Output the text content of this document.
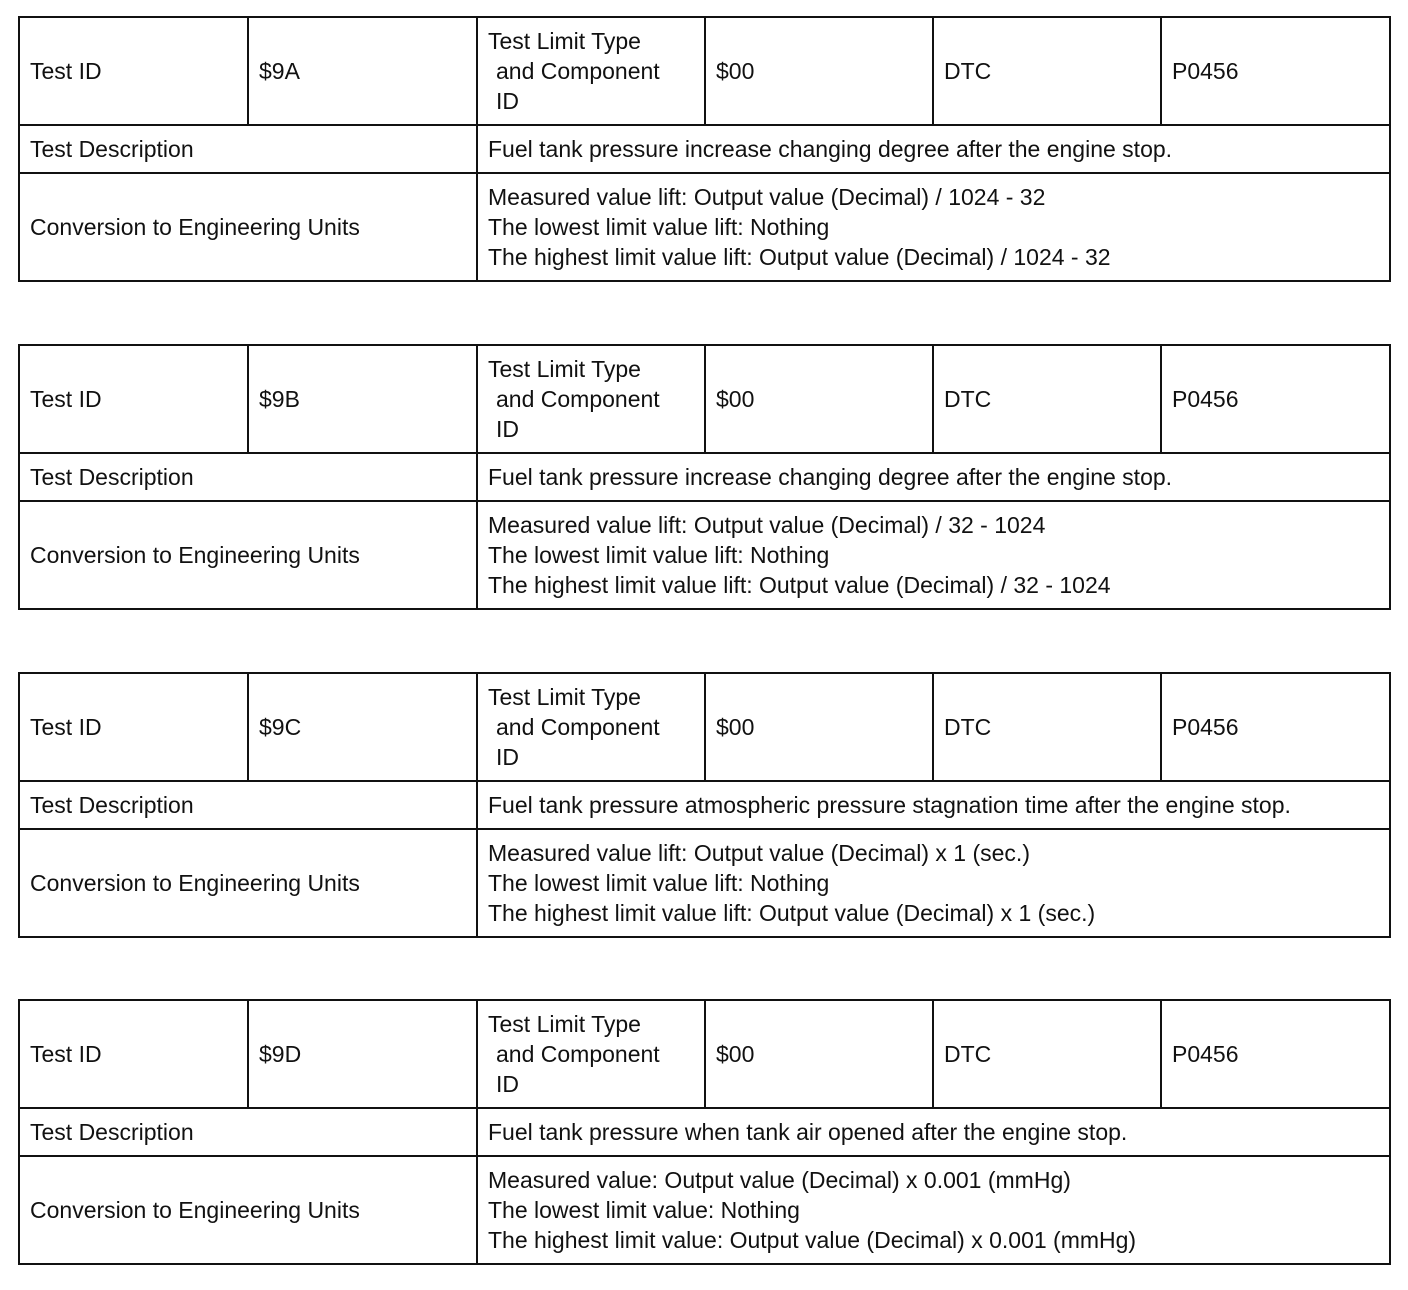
Test ID	$9A	Test Limit Type
and Component
ID	$00	DTC	P0456
Test Description		Fuel tank pressure increase changing degree after the engine stop.			
Conversion to Engineering Units		Measured value lift: Output value (Decimal) / 1024 - 32
The lowest limit value lift: Nothing
The highest limit value lift: Output value (Decimal) / 1024 - 32			
Test ID	$9B	Test Limit Type
and Component
ID	$00	DTC	P0456
Test Description		Fuel tank pressure increase changing degree after the engine stop.			
Conversion to Engineering Units		Measured value lift: Output value (Decimal) / 32 - 1024
The lowest limit value lift: Nothing
The highest limit value lift: Output value (Decimal) / 32 - 1024			
Test ID	$9C	Test Limit Type
and Component
ID	$00	DTC	P0456
Test Description		Fuel tank pressure atmospheric pressure stagnation time after the engine stop.			
Conversion to Engineering Units		Measured value lift: Output value (Decimal) x 1 (sec.)
The lowest limit value lift: Nothing
The highest limit value lift: Output value (Decimal) x 1 (sec.)			
Test ID	$9D	Test Limit Type
and Component
ID	$00	DTC	P0456
Test Description		Fuel tank pressure when tank air opened after the engine stop.			
Conversion to Engineering Units		Measured value: Output value (Decimal) x 0.001 (mmHg)
The lowest limit value: Nothing
The highest limit value: Output value (Decimal) x 0.001 (mmHg)			
